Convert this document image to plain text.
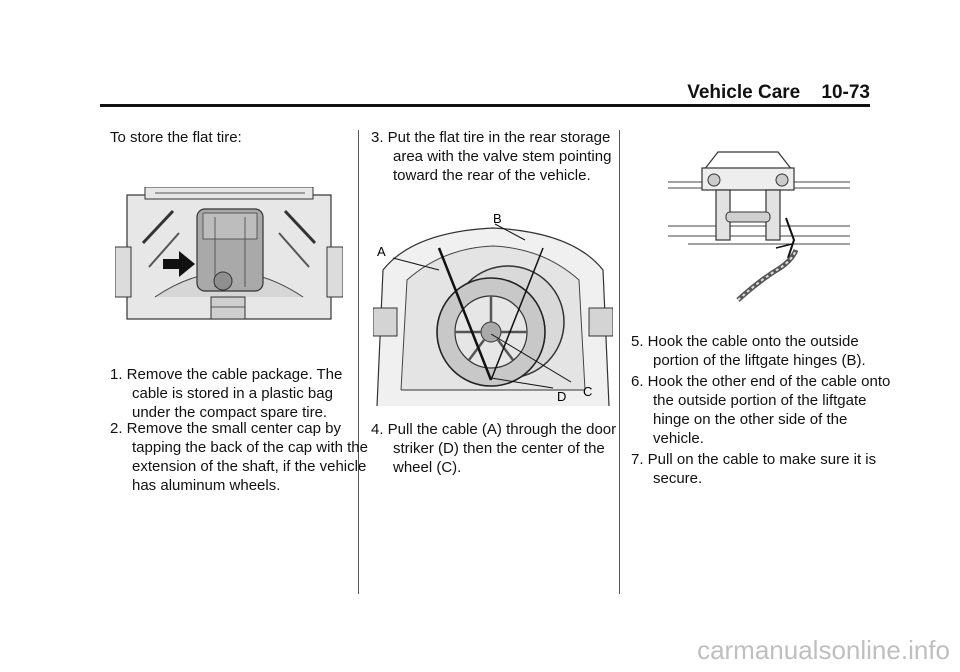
Vehicle Care 10-73
To store the flat tire:
1. Remove the cable package. The cable is stored in a plastic bag under the compact spare tire.
2. Remove the small center cap by tapping the back of the cap with the extension of the shaft, if the vehicle has aluminum wheels.
3. Put the flat tire in the rear storage area with the valve stem pointing toward the rear of the vehicle.
A
B
C
D
4. Pull the cable (A) through the door striker (D) then the center of the wheel (C).
5. Hook the cable onto the outside portion of the liftgate hinges (B).
6. Hook the other end of the cable onto the outside portion of the liftgate hinge on the other side of the vehicle.
7. Pull on the cable to make sure it is secure.
carmanualsonline.info
